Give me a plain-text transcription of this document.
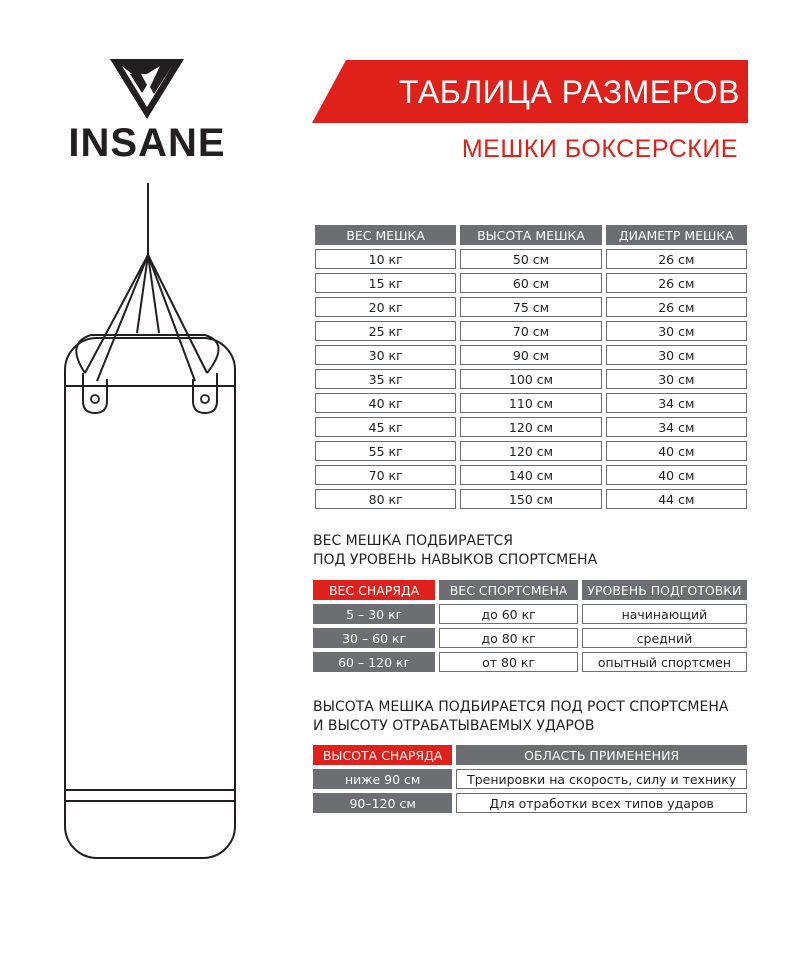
INSANE
ТАБЛИЦА РАЗМЕРОВ
МЕШКИ БОКСЕРСКИЕ
ВЕС МЕШКА	ВЫСОТА МЕШКА	ДИАМЕТР МЕШКА
10 кг	50 см	26 см
15 кг	60 см	26 см
20 кг	75 см	26 см
25 кг	70 см	30 см
30 кг	90 см	30 см
35 кг	100 см	30 см
40 кг	110 см	34 см
45 кг	120 см	34 см
55 кг	120 см	40 см
70 кг	140 см	40 см
80 кг	150 см	44 см
ВЕС МЕШКА ПОДБИРАЕТСЯ
ПОД УРОВЕНЬ НАВЫКОВ СПОРТСМЕНА
ВЕС СНАРЯДА	ВЕС СПОРТСМЕНА	УРОВЕНЬ ПОДГОТОВКИ
5 – 30 кг	до 60 кг	начинающий
30 – 60 кг	до 80 кг	средний
60 – 120 кг	от 80 кг	опытный спортсмен
ВЫСОТА МЕШКА ПОДБИРАЕТСЯ ПОД РОСТ СПОРТСМЕНА
И ВЫСОТУ ОТРАБАТЫВАЕМЫХ УДАРОВ
ВЫСОТА СНАРЯДА	ОБЛАСТЬ ПРИМЕНЕНИЯ
ниже 90 см	Тренировки на скорость, силу и технику
90–120 см	Для отработки всех типов ударов
